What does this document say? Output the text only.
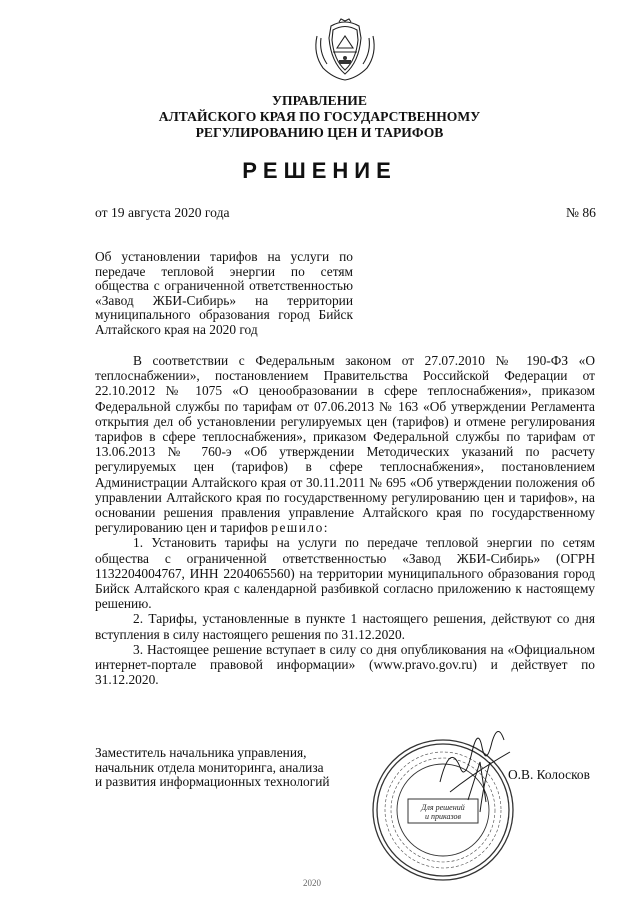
УПРАВЛЕНИЕ
АЛТАЙСКОГО КРАЯ ПО ГОСУДАРСТВЕННОМУ
РЕГУЛИРОВАНИЮ ЦЕН И ТАРИФОВ
РЕШЕНИЕ
от 19 августа 2020 года	№ 86
Об установлении тарифов на услуги по передаче тепловой энергии по сетям общества с ограниченной ответственностью «Завод ЖБИ-Сибирь» на территории муниципального образования город Бийск Алтайского края на 2020 год

В соответствии с Федеральным законом от 27.07.2010 № 190-ФЗ «О теплоснабжении», постановлением Правительства Российской Федерации от 22.10.2012 № 1075 «О ценообразовании в сфере теплоснабжения», приказом Федеральной службы по тарифам от 07.06.2013 № 163 «Об утверждении Регламента открытия дел об установлении регулируемых цен (тарифов) и отмене регулирования тарифов в сфере теплоснабжения», приказом Федеральной службы по тарифам от 13.06.2013 № 760-э «Об утверждении Методических указаний по расчету регулируемых цен (тарифов) в сфере теплоснабжения», постановлением Администрации Алтайского края от 30.11.2011 № 695 «Об утверждении положения об управлении Алтайского края по государственному регулированию цен и тарифов», на основании решения правления управление Алтайского края по государственному регулированию цен и тарифов решило:

1. Установить тарифы на услуги по передаче тепловой энергии по сетям общества с ограниченной ответственностью «Завод ЖБИ-Сибирь» (ОГРН 1132204004767, ИНН 2204065560) на территории муниципального образования город Бийск Алтайского края с календарной разбивкой согласно приложению к настоящему решению.

2. Тарифы, установленные в пункте 1 настоящего решения, действуют со дня вступления в силу настоящего решения по 31.12.2020.

3. Настоящее решение вступает в силу со дня опубликования на «Официальном интернет-портале правовой информации» (www.pravo.gov.ru) и действует по 31.12.2020.

Заместитель начальника управления,
начальник отдела мониторинга, анализа
и развития информационных технологий
Для решений
и приказов
О.В. Колосков
2020
